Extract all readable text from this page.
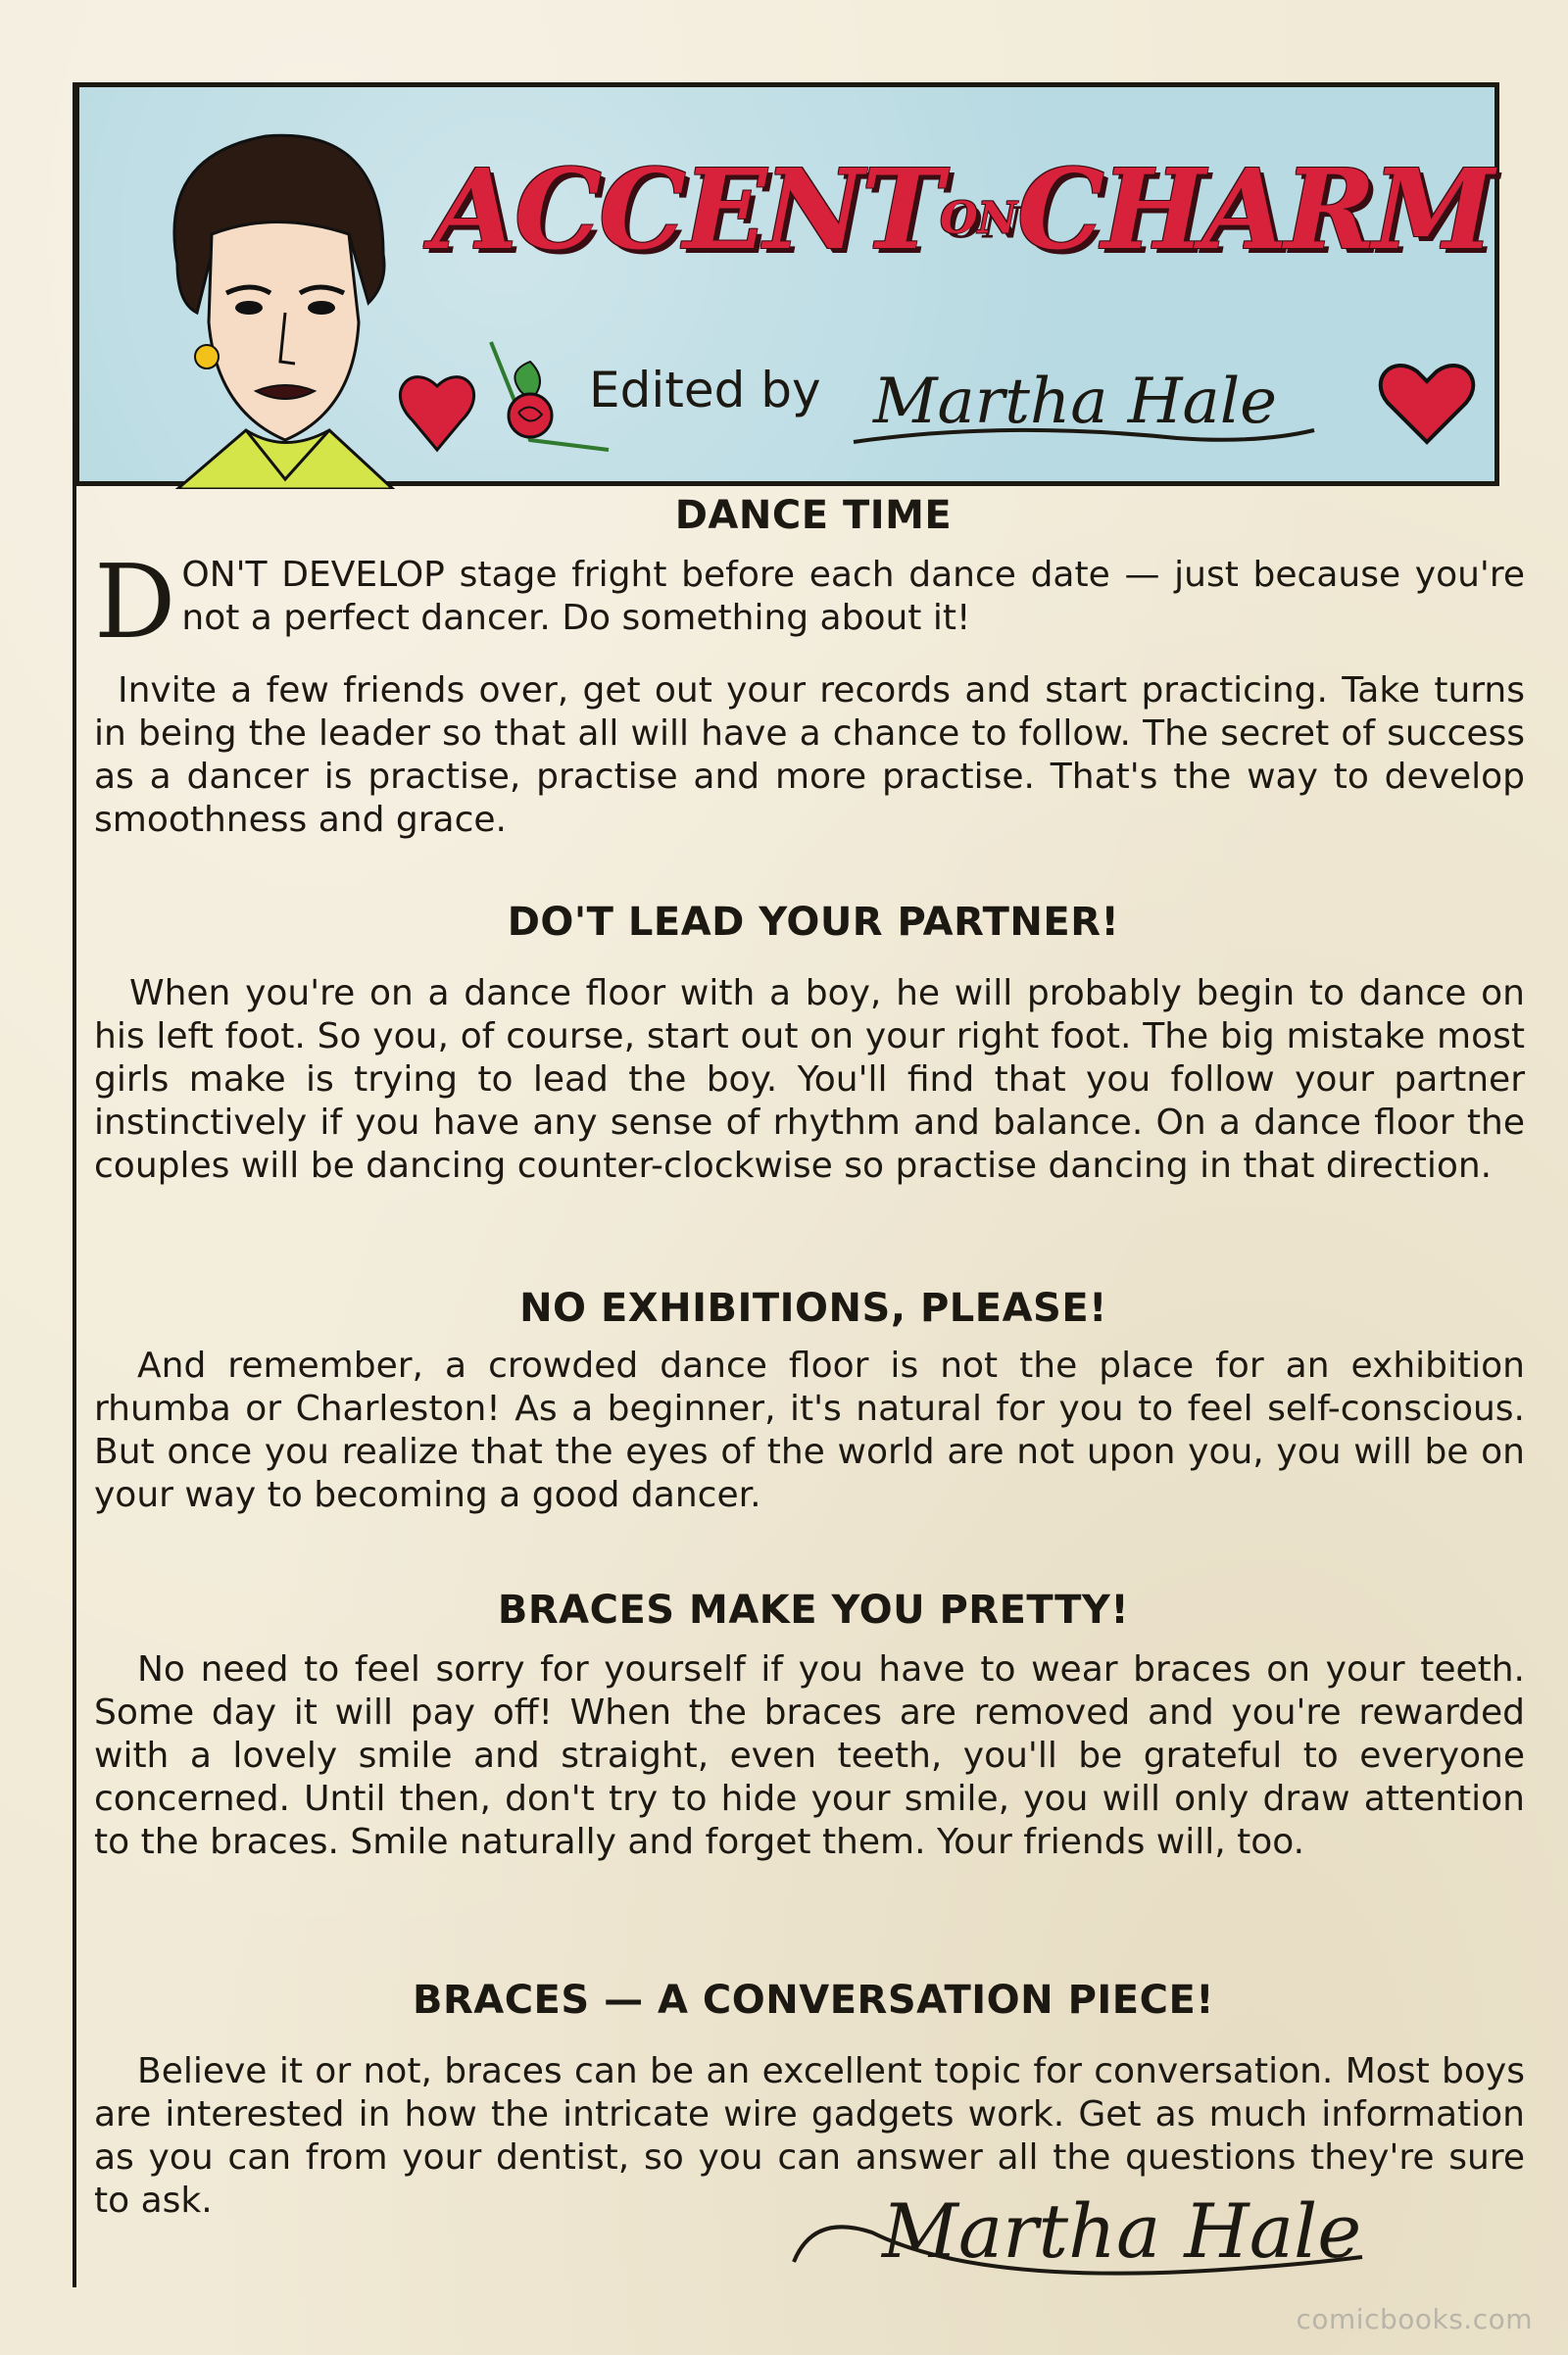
ACCENTONCHARM
Edited by Martha Hale
DANCE TIME
DON'T DEVELOP stage fright before each dance date — just because you're not a perfect dancer. Do something about it!
Invite a few friends over, get out your records and start practicing. Take turns in being the leader so that all will have a chance to follow. The secret of success as a dancer is practise, practise and more practise. That's the way to develop smoothness and grace.
DO'T LEAD YOUR PARTNER!
When you're on a dance floor with a boy, he will probably begin to dance on his left foot. So you, of course, start out on your right foot. The big mistake most girls make is trying to lead the boy. You'll find that you follow your partner instinctively if you have any sense of rhythm and balance. On a dance floor the couples will be dancing counter-clockwise so practise dancing in that direction.
NO EXHIBITIONS, PLEASE!
And remember, a crowded dance floor is not the place for an exhibition rhumba or Charleston! As a beginner, it's natural for you to feel self-conscious. But once you realize that the eyes of the world are not upon you, you will be on your way to becoming a good dancer.
BRACES MAKE YOU PRETTY!
No need to feel sorry for yourself if you have to wear braces on your teeth. Some day it will pay off! When the braces are removed and you're rewarded with a lovely smile and straight, even teeth, you'll be grateful to everyone concerned. Until then, don't try to hide your smile, you will only draw attention to the braces. Smile naturally and forget them. Your friends will, too.
BRACES — A CONVERSATION PIECE!
Believe it or not, braces can be an excellent topic for conversation. Most boys are interested in how the intricate wire gadgets work. Get as much information as you can from your dentist, so you can answer all the questions they're sure to ask.	Martha Hale
comicbooks.com
